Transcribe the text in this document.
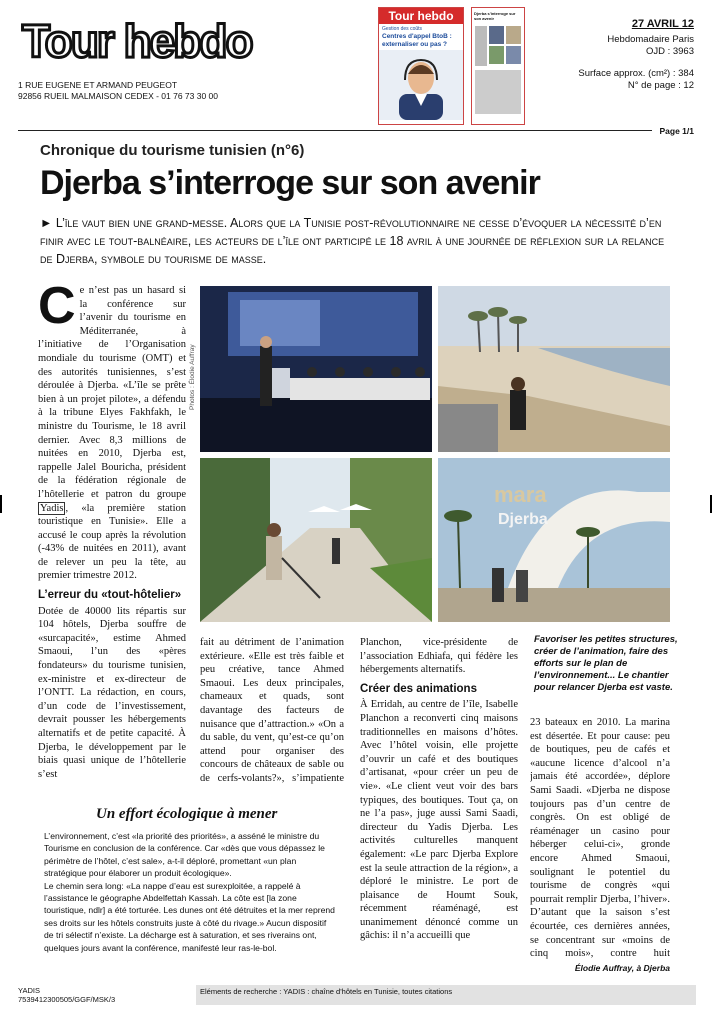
Tour hebdo
1 RUE EUGENE ET ARMAND PEUGEOT
92856 RUEIL MALMAISON CEDEX - 01 76 73 30 00
Tour hebdo
Gestion des coûts
Centres d'appel BtoB : externaliser ou pas ?
Djerba s'interroge sur son avenir	27 AVRIL 12
Hebdomadaire Paris
OJD : 3963
Surface approx. (cm²) : 384
N° de page : 12
Page 1/1
Chronique du tourisme tunisien (n°6)
Djerba s’interroge sur son avenir
► L’île vaut bien une grand-messe. Alors que la Tunisie post-révolutionnaire ne cesse d’évoquer la nécessité d’en finir avec le tout-balnéaire, les acteurs de l’île ont participé le 18 avril à une journée de réflexion sur la relance de Djerba, symbole du tourisme de masse.

Ce n’est pas un hasard si la conférence sur l’avenir du tourisme en Méditerranée, à l’initiative de l’Organisation mondiale du tourisme (OMT) et des autorités tunisiennes, s’est déroulée à Djerba. «L’île se prête bien à un projet pilote», a défendu à la tribune Elyes Fakhfakh, le ministre du Tourisme, le 18 avril dernier. Avec 8,3 millions de nuitées en 2010, Djerba est, rappelle Jalel Bouricha, président de la fédération régionale de l’hôtellerie et patron du groupe Yadis , «la première station touristique en Tunisie». Elle a accusé le coup après la révolution (-43% de nuitées en 2011), avant de relever un peu la tête, au premier trimestre 2012.

L’erreur du «tout-hôtelier»

Dotée de 40000 lits répartis sur 104 hôtels, Djerba souffre de «surcapacité», estime Ahmed Smaoui, l’un des «pères fondateurs» du tourisme tunisien, ex-ministre et ex-directeur de l’ONTT. La rédaction, en cours, d’un code de l’investissement, devrait pousser les hébergements alternatifs et de petite capacité. À Djerba, le développement par le biais quasi unique de l’hôtellerie s’est

Photos : Élodie Auffray
mara
Djerba

fait au détriment de l’animation extérieure. «Elle est très faible et peu créative, tance Ahmed Smaoui. Les deux principales, chameaux et quads, sont davantage des facteurs de nuisance que d’attraction.» «On a du sable, du vent, qu’est-ce qu’on attend pour organiser des concours de châteaux de sable ou de cerfs-volants?», s’impatiente

Planchon, vice-présidente de l’association Edhiafa, qui fédère les hébergements alternatifs.

Créer des animations

À Erridah, au centre de l’île, Isabelle Planchon a reconverti cinq maisons traditionnelles en maisons d’hôtes. Avec l’hôtel voisin, elle projette d’ouvrir un café et des boutiques d’artisanat, «pour créer un peu de vie». «Le client veut voir des bars typiques, des boutiques. Tout ça, on ne l’a pas», juge aussi Sami Saadi, directeur du Yadis Djerba. Les activités culturelles manquent également: «Le parc Djerba Explore est la seule attraction de la région», a déploré le ministre. Le port de plaisance de Houmt Souk, récemment réaménagé, est unanimement dénoncé comme un gâchis: il n’a accueilli que

Favoriser les petites structures, créer de l’animation, faire des efforts sur le plan de l’environnement... Le chantier pour relancer Djerba est vaste.

23 bateaux en 2010. La marina est désertée. Et pour cause: peu de boutiques, peu de cafés et «aucune licence d’alcool n’a jamais été accordée», déplore Sami Saadi. «Djerba ne dispose toujours pas d’un centre de congrès. On est obligé de réaménager un casino pour héberger celui-ci», gronde encore Ahmed Smaoui, soulignant le potentiel du tourisme de congrès «qui pourrait remplir Djerba, l’hiver». D’autant que la saison s’est écourtée, ces dernières années, se concentrant sur «moins de cinq mois», contre huit

Élodie Auffray, à Djerba
Un effort écologique à mener

L’environnement, c’est «la priorité des priorités», a asséné le ministre du Tourisme en conclusion de la conférence. Car «dès que vous dépassez le périmètre de l’hôtel, c’est sale», a-t-il déploré, promettant «un plan stratégique pour élaborer un produit écologique».

Le chemin sera long: «La nappe d’eau est surexploitée, a rappelé à l’assistance le géographe Abdelfettah Kassah. La côte est [la zone touristique, ndlr] a été torturée. Les dunes ont été détruites et la mer reprend ses droits sur les hôtels construits juste à côté du rivage.» Aucun dispositif de tri sélectif n’existe. La décharge est à saturation, et ses riverains ont, quelques jours avant la conférence, manifesté leur ras-le-bol.

YADIS
7539412300505/GGF/MSK/3
Eléments de recherche : YADIS : chaîne d'hôtels en Tunisie, toutes citations
